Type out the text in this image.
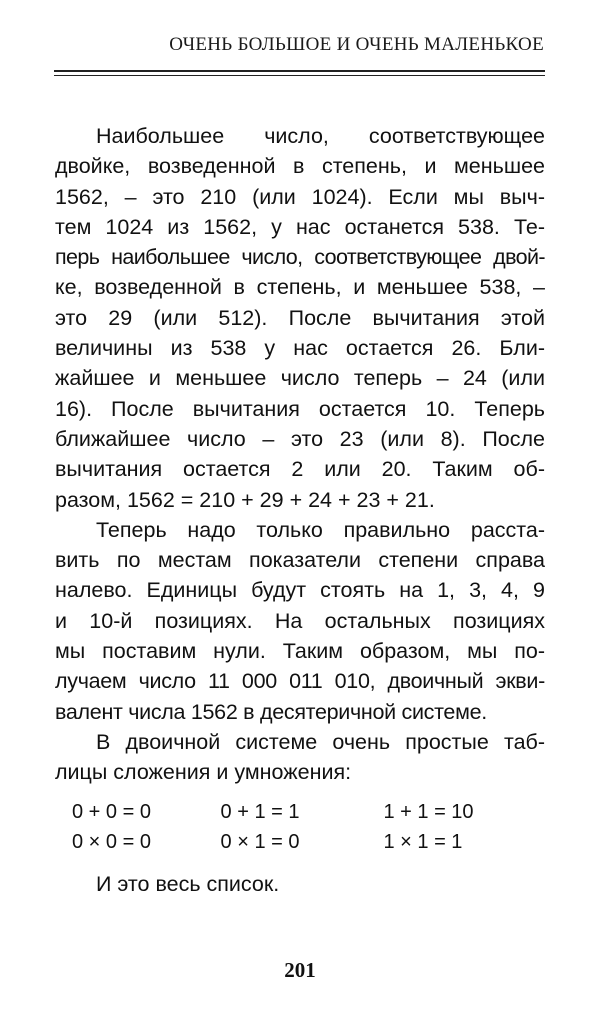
ОЧЕНЬ БОЛЬШОЕ И ОЧЕНЬ МАЛЕНЬКОЕ

Наибольшее число, соответствующее
двойке, возведенной в степень, и меньшее
1562, – это 210 (или 1024). Если мы выч-
тем 1024 из 1562, у нас останется 538. Те-
перь наибольшее число, соответствующее двой-
ке, возведенной в степень, и меньшее 538, –
это 29 (или 512). После вычитания этой
величины из 538 у нас остается 26. Бли-
жайшее и меньшее число теперь – 24 (или
16). После вычитания остается 10. Теперь
ближайшее число – это 23 (или 8). После
вычитания остается 2 или 20. Таким об-
разом, 1562 = 210 + 29 + 24 + 23 + 21.

Теперь надо только правильно расста-
вить по местам показатели степени справа
налево. Единицы будут стоять на 1, 3, 4, 9
и 10-й позициях. На остальных позициях
мы поставим нули. Таким образом, мы по-
лучаем число 11 000 011 010, двоичный экви-
валент числа 1562 в десятеричной системе.

В двоичной системе очень простые таб-
лицы сложения и умножения:

0 + 0 = 0	0 + 1 = 1	1 + 1 = 10
0 × 0 = 0	0 × 1 = 0	1 × 1 = 1
И это весь список.
201
